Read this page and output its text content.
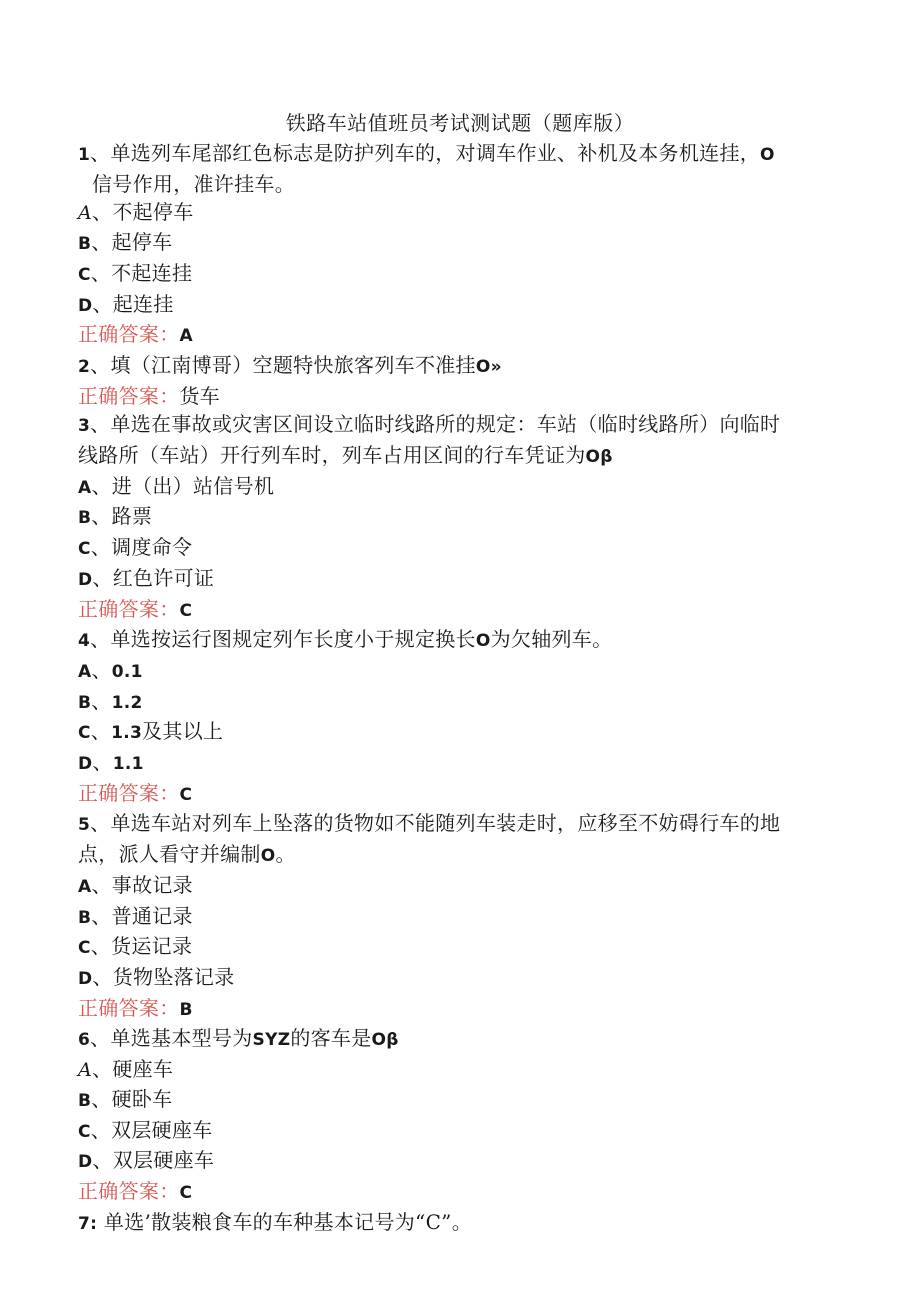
铁路车站值班员考试测试题（题库版）
1、单选列车尾部红色标志是防护列车的，对调车作业、补机及本务机连挂，O
信号作用，准许挂车。
A、不起停车
B、起停车
C、不起连挂
D、起连挂
正确答案：A
2、填（江南博哥）空题特快旅客列车不准挂O»
正确答案：货车
3、单选在事故或灾害区间设立临时线路所的规定：车站（临时线路所）向临时
线路所（车站）开行列车时，列车占用区间的行车凭证为Oβ
A、进（出）站信号机
B、路票
C、调度命令
D、红色许可证
正确答案：C
4、单选按运行图规定列乍长度小于规定换长O为欠轴列车。
A、0.1
B、1.2
C、1.3及其以上
D、1.1
正确答案：C
5、单选车站对列车上坠落的货物如不能随列车装走时，应移至不妨碍行车的地
点，派人看守并编制O。
A、事故记录
B、普通记录
C、货运记录
D、货物坠落记录
正确答案：B
6、单选基本型号为SYZ的客车是Oβ
A、硬座车
B、硬卧车
C、双层硬座车
D、双层硬座车
正确答案：C
7: 单选’散装粮食车的车种基本记号为“C”。
